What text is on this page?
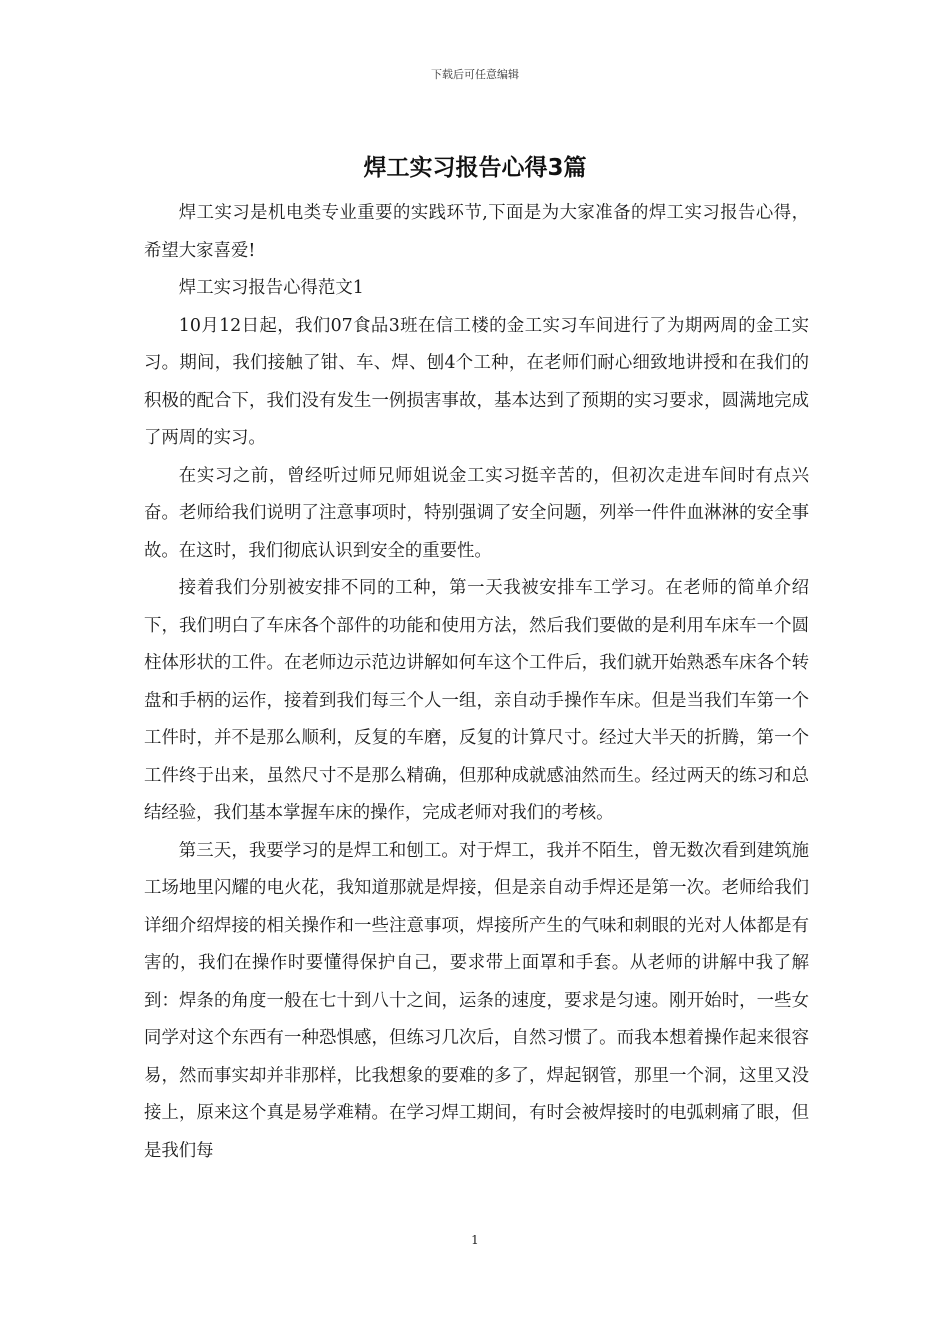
下载后可任意编辑
焊工实习报告心得3篇

焊工实习是机电类专业重要的实践环节,下面是为大家准备的焊工实习报告心得，希望大家喜爱!

焊工实习报告心得范文1

10月12日起，我们07食品3班在信工楼的金工实习车间进行了为期两周的金工实习。期间，我们接触了钳、车、焊、刨4个工种，在老师们耐心细致地讲授和在我们的积极的配合下，我们没有发生一例损害事故，基本达到了预期的实习要求，圆满地完成了两周的实习。

在实习之前，曾经听过师兄师姐说金工实习挺辛苦的，但初次走进车间时有点兴奋。老师给我们说明了注意事项时，特别强调了安全问题，列举一件件血淋淋的安全事故。在这时，我们彻底认识到安全的重要性。

接着我们分别被安排不同的工种，第一天我被安排车工学习。在老师的简单介绍下，我们明白了车床各个部件的功能和使用方法，然后我们要做的是利用车床车一个圆柱体形状的工件。在老师边示范边讲解如何车这个工件后，我们就开始熟悉车床各个转盘和手柄的运作，接着到我们每三个人一组，亲自动手操作车床。但是当我们车第一个工件时，并不是那么顺利，反复的车磨，反复的计算尺寸。经过大半天的折腾，第一个工件终于出来，虽然尺寸不是那么精确，但那种成就感油然而生。经过两天的练习和总结经验，我们基本掌握车床的操作，完成老师对我们的考核。

第三天，我要学习的是焊工和刨工。对于焊工，我并不陌生，曾无数次看到建筑施工场地里闪耀的电火花，我知道那就是焊接，但是亲自动手焊还是第一次。老师给我们详细介绍焊接的相关操作和一些注意事项，焊接所产生的气味和刺眼的光对人体都是有害的，我们在操作时要懂得保护自己，要求带上面罩和手套。从老师的讲解中我了解到：焊条的角度一般在七十到八十之间，运条的速度，要求是匀速。刚开始时，一些女同学对这个东西有一种恐惧感，但练习几次后，自然习惯了。而我本想着操作起来很容易，然而事实却并非那样，比我想象的要难的多了，焊起钢管，那里一个洞，这里又没接上，原来这个真是易学难精。在学习焊工期间，有时会被焊接时的电弧刺痛了眼，但是我们每

1
